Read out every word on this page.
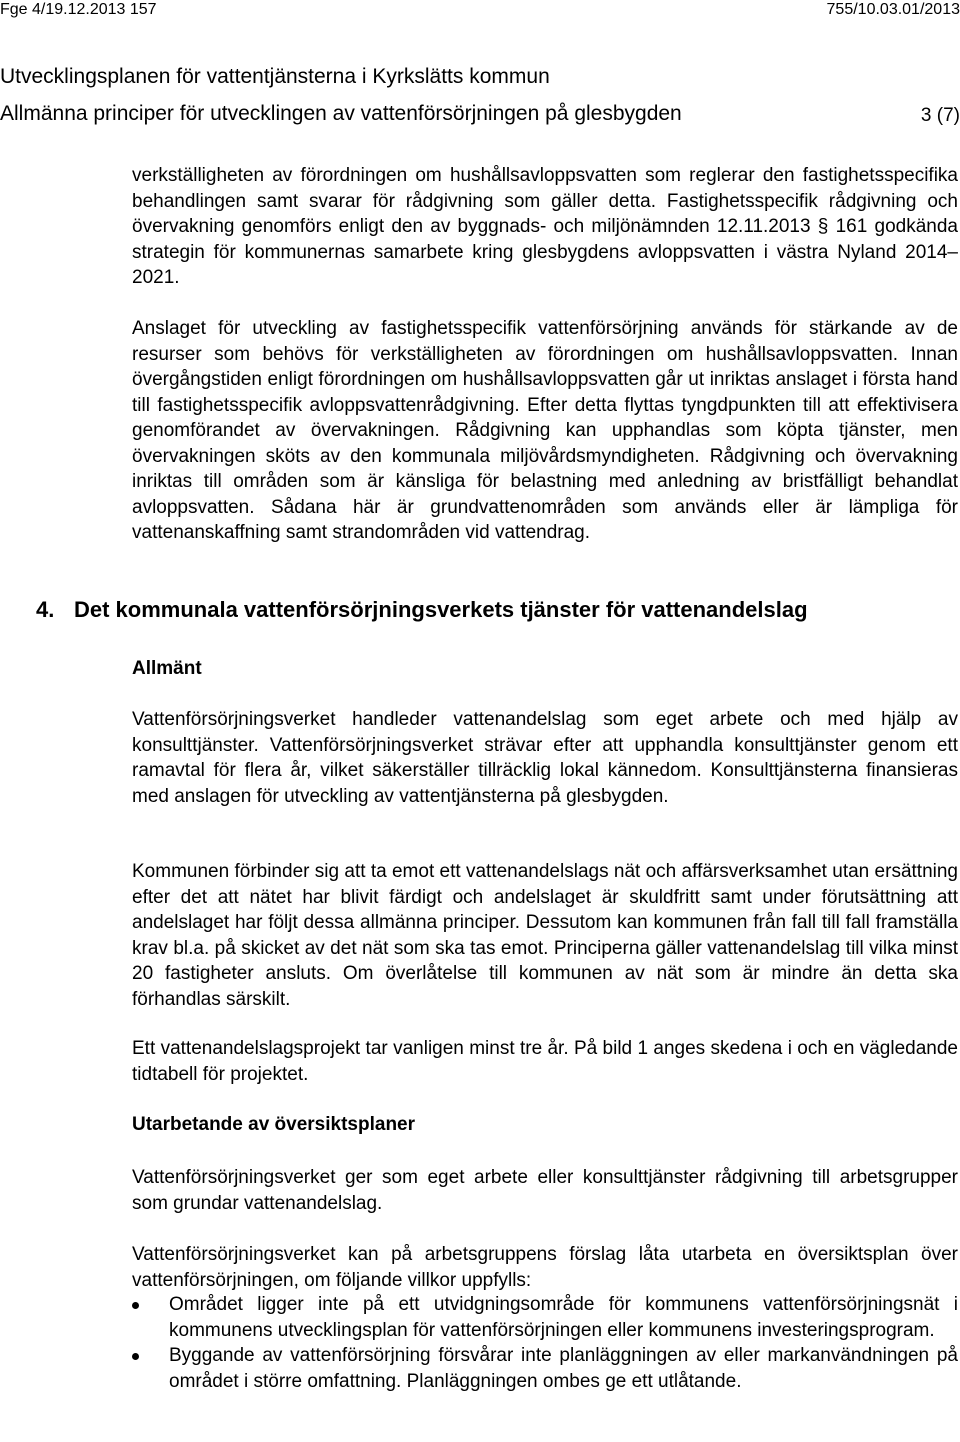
Fge 4/19.12.2013 157	755/10.03.01/2013
Utvecklingsplanen för vattentjänsterna i Kyrkslätts kommun
Allmänna principer för utvecklingen av vattenförsörjningen på glesbygden	3 (7)

verkställigheten av förordningen om hushållsavloppsvatten som reglerar den fastighetsspecifika behandlingen samt svarar för rådgivning som gäller detta. Fastighetsspecifik rådgivning och övervakning genomförs enligt den av byggnads- och miljönämnden 12.11.2013 § 161 godkända strategin för kommunernas samarbete kring glesbygdens avloppsvatten i västra Nyland 2014–2021.

Anslaget för utveckling av fastighetsspecifik vattenförsörjning används för stärkande av de resurser som behövs för verkställigheten av förordningen om hushållsavloppsvatten. Innan övergångstiden enligt förordningen om hushållsavloppsvatten går ut inriktas anslaget i första hand till fastighetsspecifik avloppsvattenrådgivning. Efter detta flyttas tyngdpunkten till att effektivisera genomförandet av övervakningen. Rådgivning kan upphandlas som köpta tjänster, men övervakningen sköts av den kommunala miljövårdsmyndigheten. Rådgivning och övervakning inriktas till områden som är känsliga för belastning med anledning av bristfälligt behandlat avloppsvatten. Sådana här är grundvattenområden som används eller är lämpliga för vattenanskaffning samt strandområden vid vattendrag.

4. Det kommunala vattenförsörjningsverkets tjänster för vattenandelslag
Allmänt

Vattenförsörjningsverket handleder vattenandelslag som eget arbete och med hjälp av konsulttjänster. Vattenförsörjningsverket strävar efter att upphandla konsulttjänster genom ett ramavtal för flera år, vilket säkerställer tillräcklig lokal kännedom. Konsulttjänsterna finansieras med anslagen för utveckling av vattentjänsterna på glesbygden.

Kommunen förbinder sig att ta emot ett vattenandelslags nät och affärsverksamhet utan ersättning efter det att nätet har blivit färdigt och andelslaget är skuldfritt samt under förutsättning att andelslaget har följt dessa allmänna principer. Dessutom kan kommunen från fall till fall framställa krav bl.a. på skicket av det nät som ska tas emot. Principerna gäller vattenandelslag till vilka minst 20 fastigheter ansluts. Om överlåtelse till kommunen av nät som är mindre än detta ska förhandlas särskilt.

Ett vattenandelslagsprojekt tar vanligen minst tre år. På bild 1 anges skedena i och en vägledande tidtabell för projektet.

Utarbetande av översiktsplaner

Vattenförsörjningsverket ger som eget arbete eller konsulttjänster rådgivning till arbetsgrupper som grundar vattenandelslag.

Vattenförsörjningsverket kan på arbetsgruppens förslag låta utarbeta en översiktsplan över vattenförsörjningen, om följande villkor uppfylls:

Området ligger inte på ett utvidgningsområde för kommunens vattenförsörjningsnät i kommunens utvecklingsplan för vattenförsörjningen eller kommunens investeringsprogram.
Byggande av vattenförsörjning försvårar inte planläggningen av eller markanvändningen på området i större omfattning. Planläggningen ombes ge ett utlåtande.
